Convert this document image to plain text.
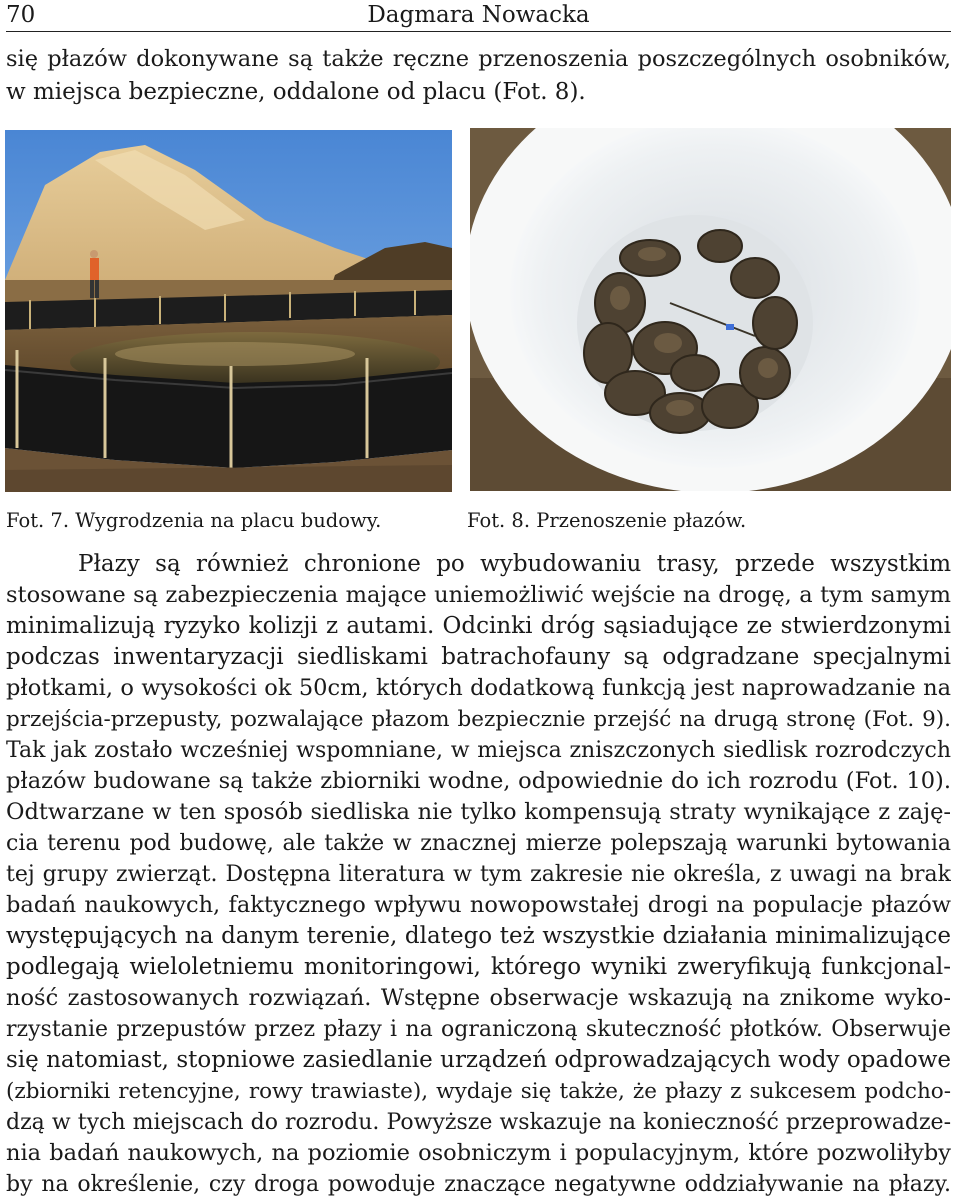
70	Dagmara Nowacka
się płazów dokonywane są także ręczne przenoszenia poszczególnych osobników,
w miejsca bezpieczne, oddalone od placu (Fot. 8).
Fot. 7. Wygrodzenia na placu budowy.	Fot. 8. Przenoszenie płazów.
Płazy są również chronione po wybudowaniu trasy, przede wszystkim
stosowane są zabezpieczenia mające uniemożliwić wejście na drogę, a tym samym
minimalizują ryzyko kolizji z autami. Odcinki dróg sąsiadujące ze stwierdzonymi
podczas inwentaryzacji siedliskami batrachofauny są odgradzane specjalnymi
płotkami, o wysokości ok 50cm, których dodatkową funkcją jest naprowadzanie na
przejścia-przepusty, pozwalające płazom bezpiecznie przejść na drugą stronę (Fot. 9).
Tak jak zostało wcześniej wspomniane, w miejsca zniszczonych siedlisk rozrodczych
płazów budowane są także zbiorniki wodne, odpowiednie do ich rozrodu (Fot. 10).
Odtwarzane w ten sposób siedliska nie tylko kompensują straty wynikające z zaję-
cia terenu pod budowę, ale także w znacznej mierze polepszają warunki bytowania
tej grupy zwierząt. Dostępna literatura w tym zakresie nie określa, z uwagi na brak
badań naukowych, faktycznego wpływu nowopowstałej drogi na populacje płazów
występujących na danym terenie, dlatego też wszystkie działania minimalizujące
podlegają wieloletniemu monitoringowi, którego wyniki zweryfikują funkcjonal-
ność zastosowanych rozwiązań. Wstępne obserwacje wskazują na znikome wyko-
rzystanie przepustów przez płazy i na ograniczoną skuteczność płotków. Obserwuje
się natomiast, stopniowe zasiedlanie urządzeń odprowadzających wody opadowe
(zbiorniki retencyjne, rowy trawiaste), wydaje się także, że płazy z sukcesem podcho-
dzą w tych miejscach do rozrodu. Powyższe wskazuje na konieczność przeprowadze-
nia badań naukowych, na poziomie osobniczym i populacyjnym, które pozwoliłyby
by na określenie, czy droga powoduje znaczące negatywne oddziaływanie na płazy.
